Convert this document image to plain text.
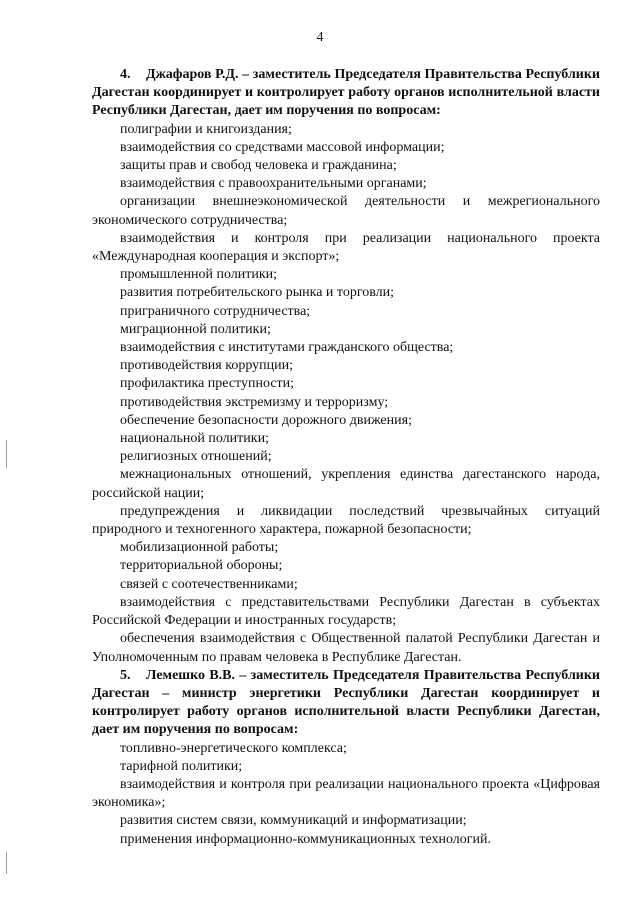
4

4. Джафаров Р.Д. – заместитель Председателя Правительства Республики Дагестан координирует и контролирует работу органов исполнительной власти Республики Дагестан, дает им поручения по вопросам:

полиграфии и книгоиздания;

взаимодействия со средствами массовой информации;

защиты прав и свобод человека и гражданина;

взаимодействия с правоохранительными органами;

организации внешнеэкономической деятельности и межрегионального экономического сотрудничества;

взаимодействия и контроля при реализации национального проекта «Международная кооперация и экспорт»;

промышленной политики;

развития потребительского рынка и торговли;

приграничного сотрудничества;

миграционной политики;

взаимодействия с институтами гражданского общества;

противодействия коррупции;

профилактика преступности;

противодействия экстремизму и терроризму;

обеспечение безопасности дорожного движения;

национальной политики;

религиозных отношений;

межнациональных отношений, укрепления единства дагестанского народа, российской нации;

предупреждения и ликвидации последствий чрезвычайных ситуаций природного и техногенного характера, пожарной безопасности;

мобилизационной работы;

территориальной обороны;

связей с соотечественниками;

взаимодействия с представительствами Республики Дагестан в субъектах Российской Федерации и иностранных государств;

обеспечения взаимодействия с Общественной палатой Республики Дагестан и Уполномоченным по правам человека в Республике Дагестан.

5. Лемешко В.В. – заместитель Председателя Правительства Республики Дагестан – министр энергетики Республики Дагестан координирует и контролирует работу органов исполнительной власти Республики Дагестан, дает им поручения по вопросам:

топливно-энергетического комплекса;

тарифной политики;

взаимодействия и контроля при реализации национального проекта «Цифровая экономика»;

развития систем связи, коммуникаций и информатизации;

применения информационно-коммуникационных технологий.
